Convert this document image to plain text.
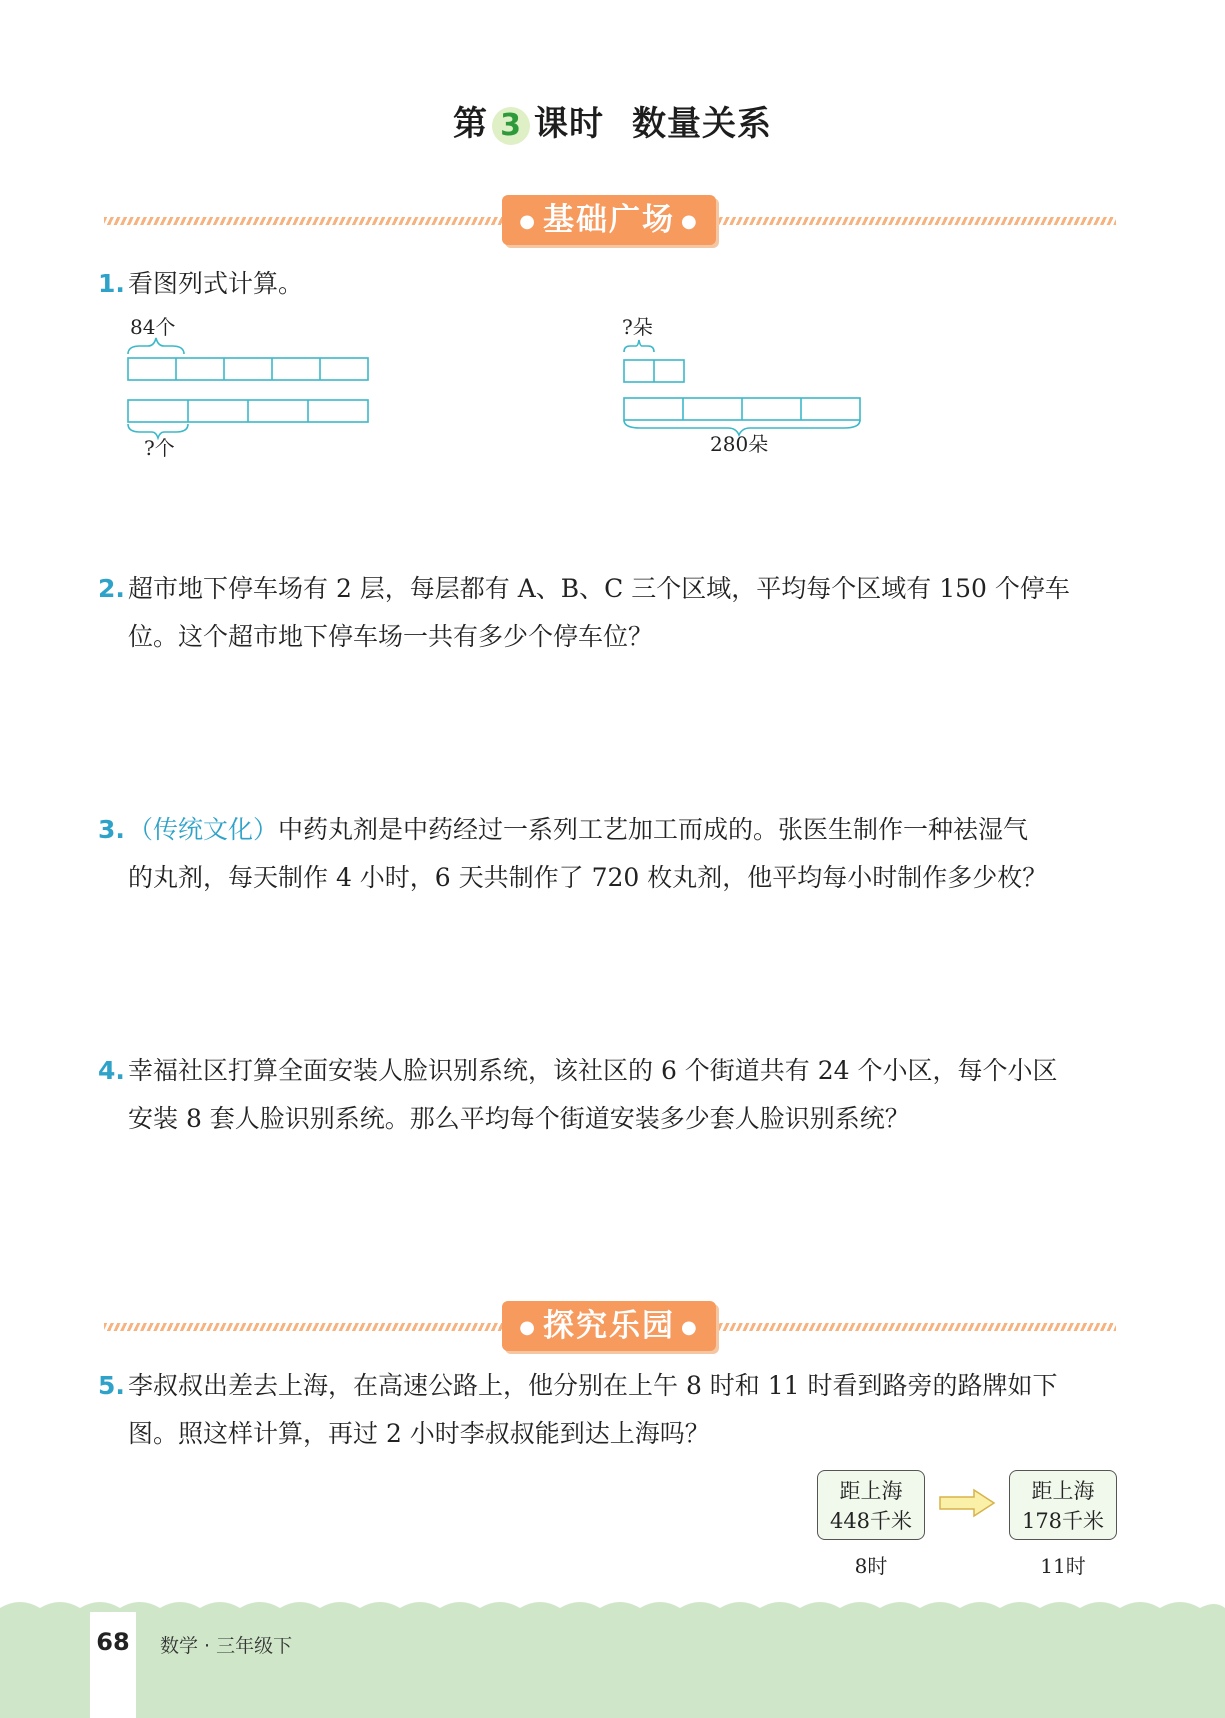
第 3 课时 数量关系
● 基础广场 ●
1. 看图列式计算。
84个
?个
?朵
280朵
2. 超市地下停车场有 2 层，每层都有 A、B、C 三个区域，平均每个区域有 150 个停车
位。这个超市地下停车场一共有多少个停车位？
3. （传统文化）中药丸剂是中药经过一系列工艺加工而成的。张医生制作一种祛湿气
的丸剂，每天制作 4 小时，6 天共制作了 720 枚丸剂，他平均每小时制作多少枚？
4. 幸福社区打算全面安装人脸识别系统，该社区的 6 个街道共有 24 个小区，每个小区
安装 8 套人脸识别系统。那么平均每个街道安装多少套人脸识别系统？
● 探究乐园 ●
5. 李叔叔出差去上海，在高速公路上，他分别在上午 8 时和 11 时看到路旁的路牌如下
图。照这样计算，再过 2 小时李叔叔能到达上海吗？
距上海
448千米
8时
距上海
178千米
11时
68	数学 · 三年级下
